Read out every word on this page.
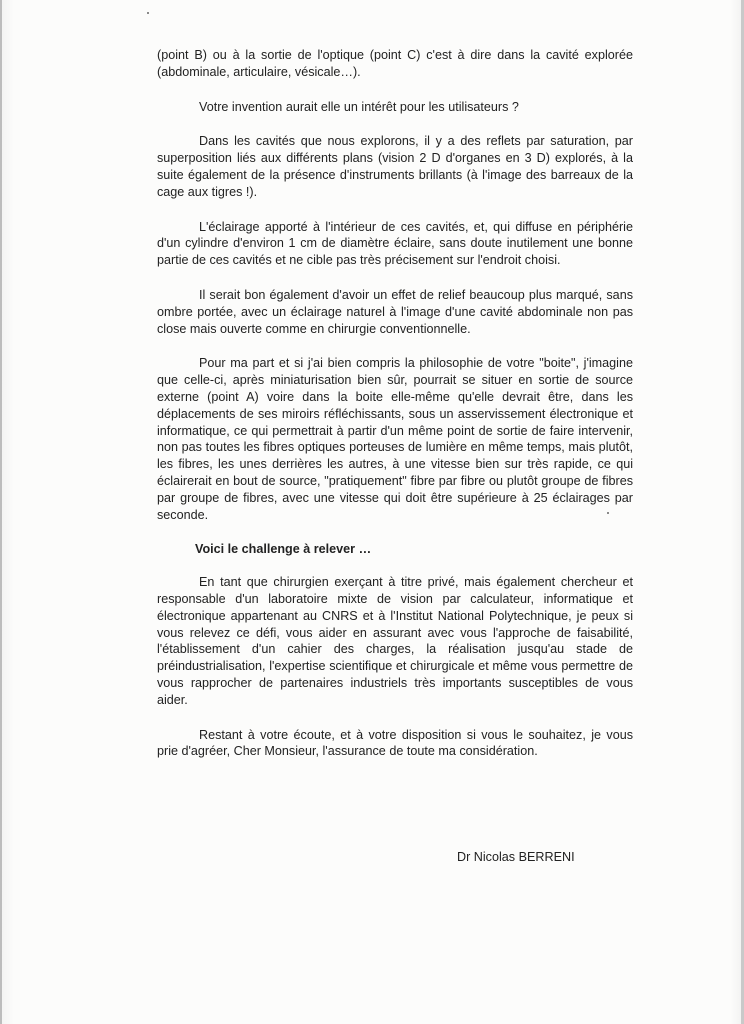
(point B) ou à la sortie de l'optique (point C) c'est à dire dans la cavité explorée (abdominale, articulaire, vésicale…).

Votre invention aurait elle un intérêt pour les utilisateurs ?

Dans les cavités que nous explorons, il y a des reflets par saturation, par superposition liés aux différents plans (vision 2 D d'organes en 3 D) explorés, à la suite également de la présence d'instruments brillants (à l'image des barreaux de la cage aux tigres !).

L'éclairage apporté à l'intérieur de ces cavités, et, qui diffuse en périphérie d'un cylindre d'environ 1 cm de diamètre éclaire, sans doute inutilement une bonne partie de ces cavités et ne cible pas très précisement sur l'endroit choisi.

Il serait bon également d'avoir un effet de relief beaucoup plus marqué, sans ombre portée, avec un éclairage naturel à l'image d'une cavité abdominale non pas close mais ouverte comme en chirurgie conventionnelle.

Pour ma part et si j'ai bien compris la philosophie de votre "boite", j'imagine que celle-ci, après miniaturisation bien sûr, pourrait se situer en sortie de source externe (point A) voire dans la boite elle-même qu'elle devrait être, dans les déplacements de ses miroirs réfléchissants, sous un asservissement électronique et informatique, ce qui permettrait à partir d'un même point de sortie de faire intervenir, non pas toutes les fibres optiques porteuses de lumière en même temps, mais plutôt, les fibres, les unes derrières les autres, à une vitesse bien sur très rapide, ce qui éclairerait en bout de source, "pratiquement" fibre par fibre ou plutôt groupe de fibres par groupe de fibres, avec une vitesse qui doit être supérieure à 25 éclairages par seconde.

Voici le challenge à relever …

En tant que chirurgien exerçant à titre privé, mais également chercheur et responsable d'un laboratoire mixte de vision par calculateur, informatique et électronique appartenant au CNRS et à l'Institut National Polytechnique, je peux si vous relevez ce défi, vous aider en assurant avec vous l'approche de faisabilité, l'établissement d'un cahier des charges, la réalisation jusqu'au stade de préindustrialisation, l'expertise scientifique et chirurgicale et même vous permettre de vous rapprocher de partenaires industriels très importants susceptibles de vous aider.

Restant à votre écoute, et à votre disposition si vous le souhaitez, je vous prie d'agréer, Cher Monsieur, l'assurance de toute ma considération.

Dr Nicolas BERRENI
